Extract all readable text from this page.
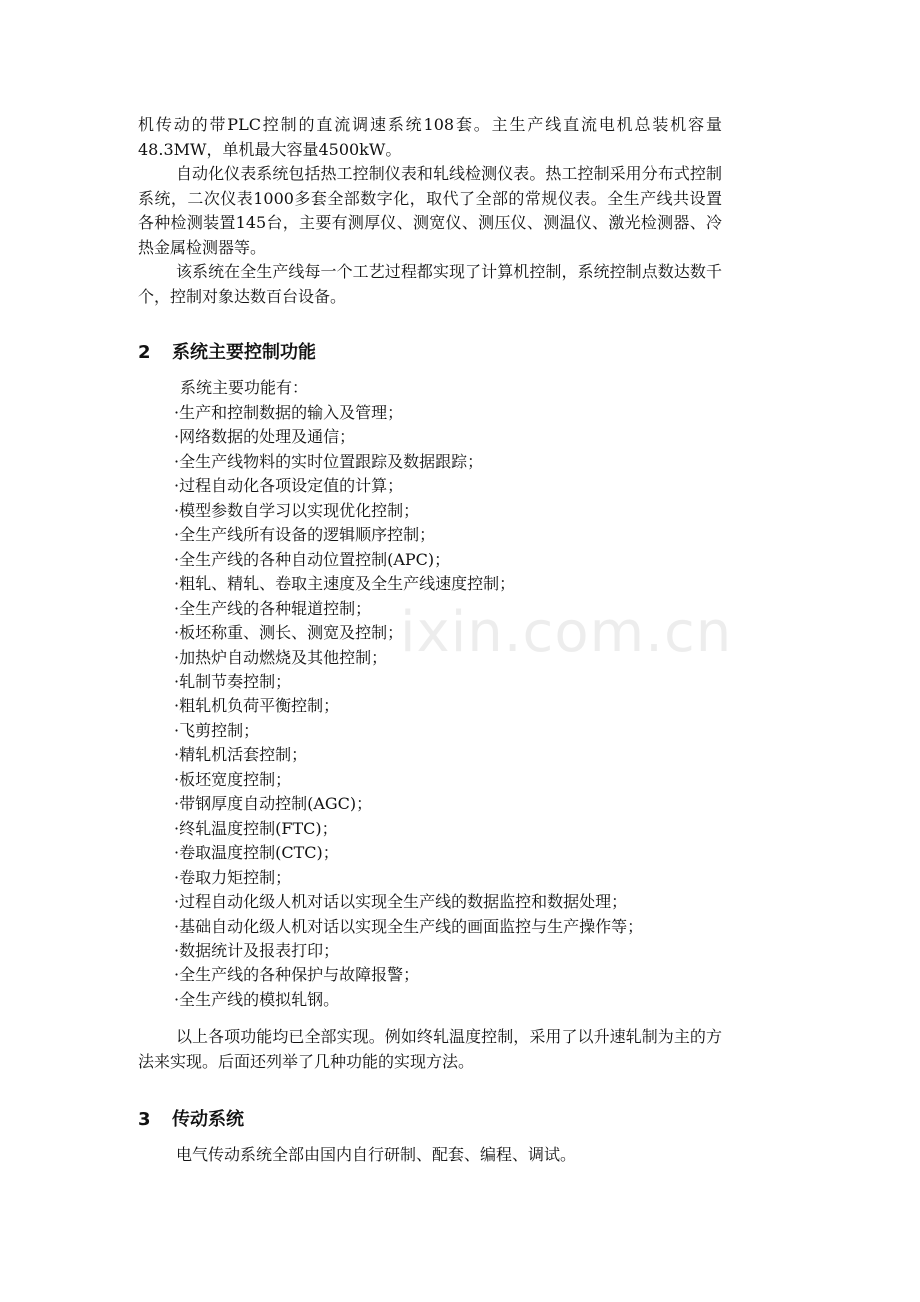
ixin.com.cn

机传动的带PLC控制的直流调速系统108套。主生产线直流电机总装机容量48.3MW，单机最大容量4500kW。

自动化仪表系统包括热工控制仪表和轧线检测仪表。热工控制采用分布式控制系统，二次仪表1000多套全部数字化，取代了全部的常规仪表。全生产线共设置各种检测装置145台，主要有测厚仪、测宽仪、测压仪、测温仪、激光检测器、冷热金属检测器等。

该系统在全生产线每一个工艺过程都实现了计算机控制，系统控制点数达数千个，控制对象达数百台设备。

2 系统主要控制功能

系统主要功能有：

· 生产和控制数据的输入及管理；
· 网络数据的处理及通信；
· 全生产线物料的实时位置跟踪及数据跟踪；
· 过程自动化各项设定值的计算；
· 模型参数自学习以实现优化控制；
· 全生产线所有设备的逻辑顺序控制；
· 全生产线的各种自动位置控制(APC)；
· 粗轧、精轧、卷取主速度及全生产线速度控制；
· 全生产线的各种辊道控制；
· 板坯称重、测长、测宽及控制；
· 加热炉自动燃烧及其他控制；
· 轧制节奏控制；
· 粗轧机负荷平衡控制；
· 飞剪控制；
· 精轧机活套控制；
· 板坯宽度控制；
· 带钢厚度自动控制(AGC)；
· 终轧温度控制(FTC)；
· 卷取温度控制(CTC)；
· 卷取力矩控制；
· 过程自动化级人机对话以实现全生产线的数据监控和数据处理；
· 基础自动化级人机对话以实现全生产线的画面监控与生产操作等；
· 数据统计及报表打印；
· 全生产线的各种保护与故障报警；
· 全生产线的模拟轧钢。

以上各项功能均已全部实现。例如终轧温度控制，采用了以升速轧制为主的方法来实现。后面还列举了几种功能的实现方法。

3 传动系统

电气传动系统全部由国内自行研制、配套、编程、调试。
